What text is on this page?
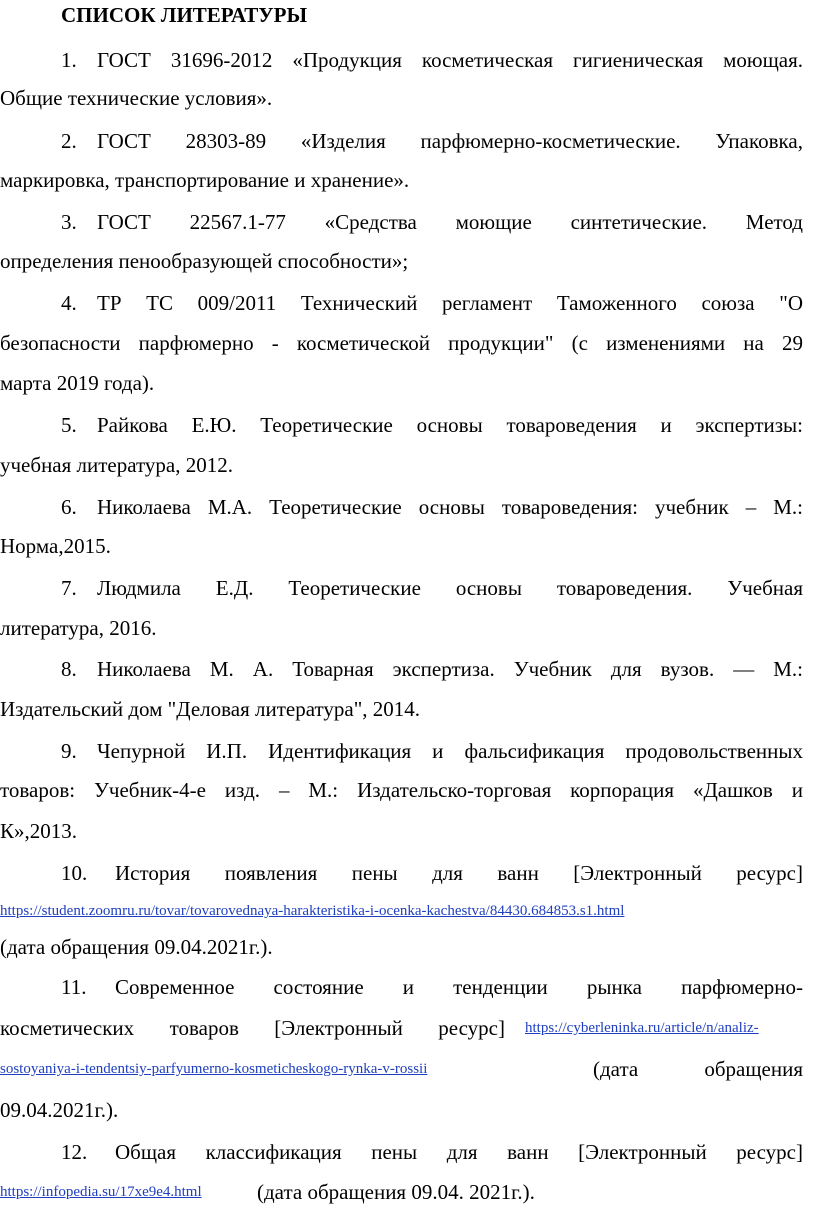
СПИСОК ЛИТЕРАТУРЫ
1. ГОСТ 31696-2012 «Продукция косметическая гигиеническая моющая.
Общие технические условия».
2. ГОСТ 28303-89 «Изделия парфюмерно-косметические. Упаковка,
маркировка, транспортирование и хранение».
3. ГОСТ 22567.1-77 «Средства моющие синтетические. Метод
определения пенообразующей способности»;
4. ТР ТС 009/2011 Технический регламент Таможенного союза "О
безопасности парфюмерно - косметической продукции" (с изменениями на 29
марта 2019 года).
5. Райкова Е.Ю. Теоретические основы товароведения и экспертизы:
учебная литература, 2012.
6. Николаева М.А. Теоретические основы товароведения: учебник – М.:
Норма,2015.
7. Людмила Е.Д. Теоретические основы товароведения. Учебная
литература, 2016.
8. Николаева М. А. Товарная экспертиза. Учебник для вузов. — М.:
Издательский дом "Деловая литература", 2014.
9. Чепурной И.П. Идентификация и фальсификация продовольственных
товаров: Учебник-4-е изд. – М.: Издательско-торговая корпорация «Дашков и
К»,2013.
10. История появления пены для ванн [Электронный ресурс]
https://student.zoomru.ru/tovar/tovarovednaya-harakteristika-i-ocenka-kachestva/84430.684853.s1.html
(дата обращения 09.04.2021г.).
11. Современное состояние и тенденции рынка парфюмерно-
косметических товаров [Электронный ресурс] https://cyberleninka.ru/article/n/analiz-
sostoyaniya-i-tendentsiy-parfyumerno-kosmeticheskogo-rynka-v-rossii	(дата обращения
09.04.2021г.).
12. Общая классификация пены для ванн [Электронный ресурс]
https://infopedia.su/17xe9e4.html	(дата обращения 09.04. 2021г.).
